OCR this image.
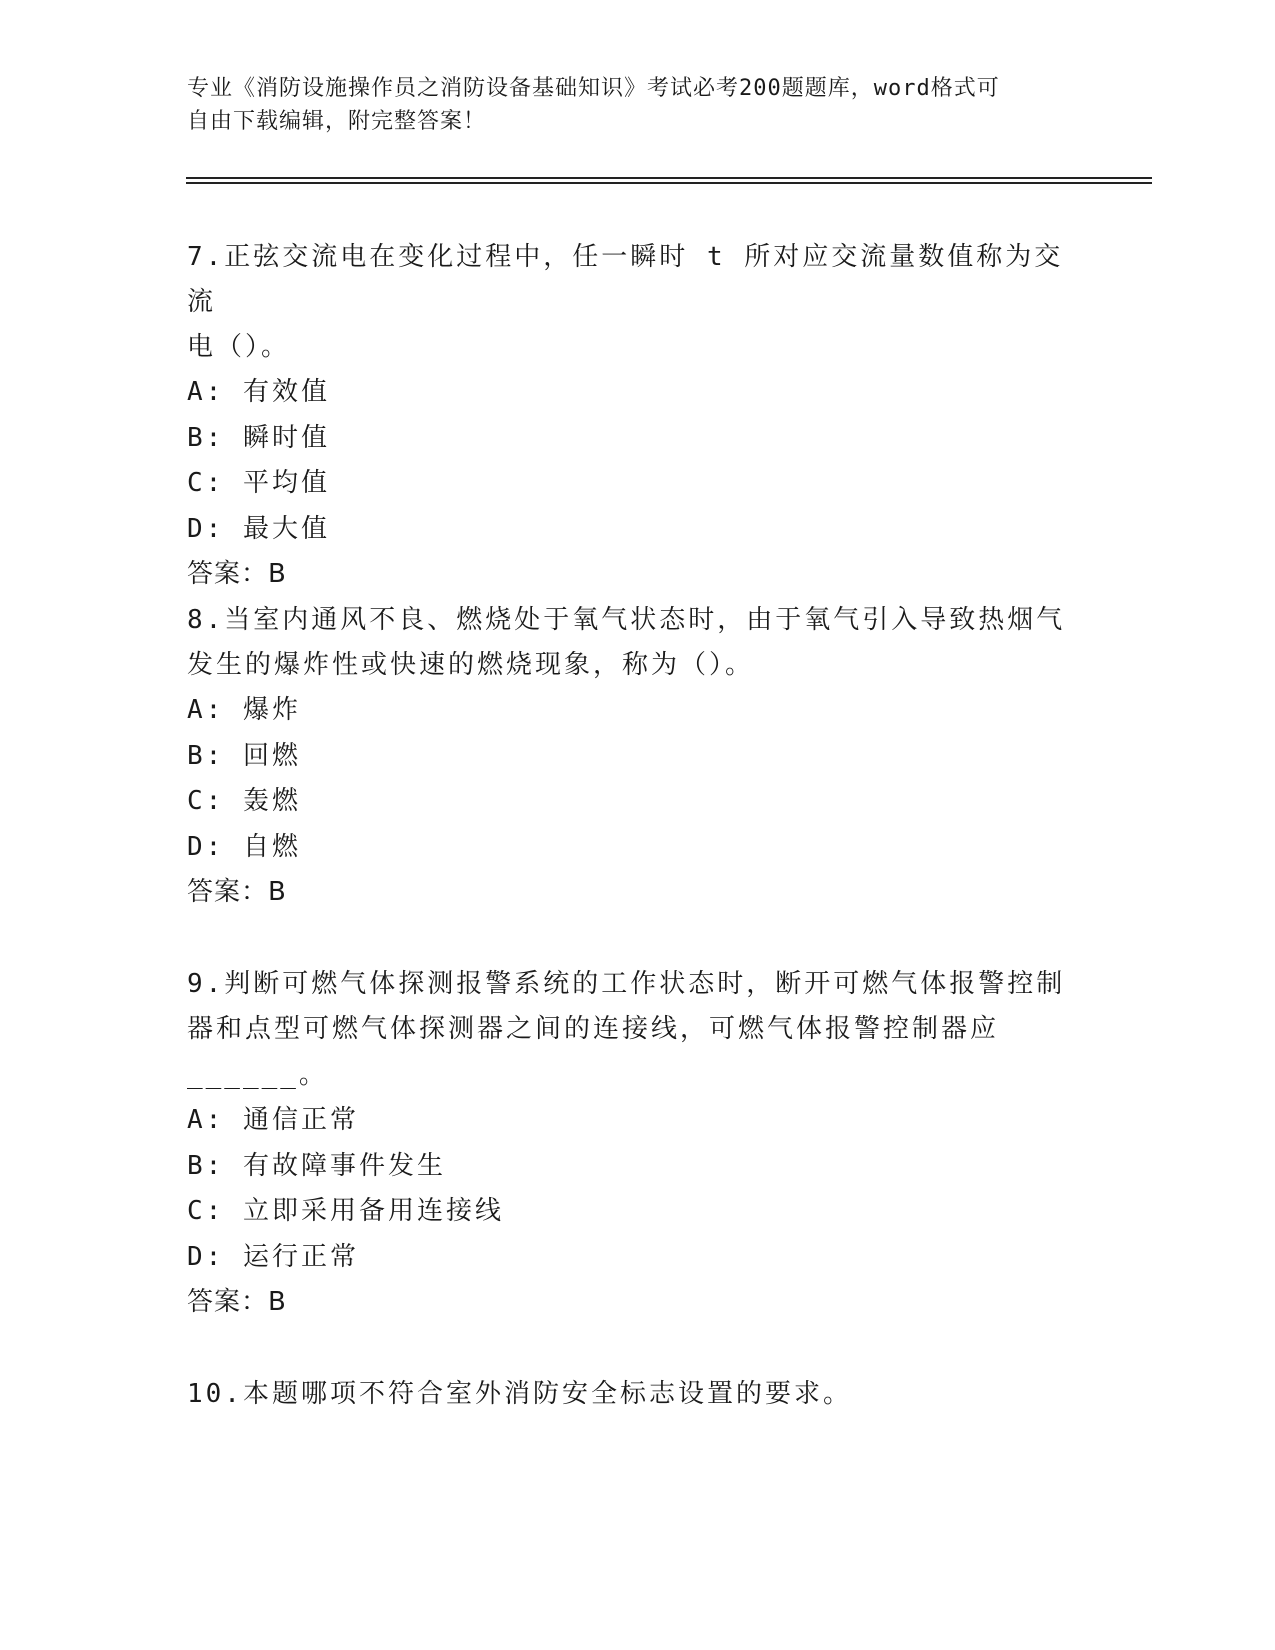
专业《消防设施操作员之消防设备基础知识》考试必考200题题库，word格式可
自由下载编辑，附完整答案！
7.正弦交流电在变化过程中，任一瞬时 t 所对应交流量数值称为交流
电（）。
A: 有效值
B: 瞬时值
C: 平均值
D: 最大值
答案：B
8.当室内通风不良、燃烧处于氧气状态时，由于氧气引入导致热烟气
发生的爆炸性或快速的燃烧现象，称为（）。
A: 爆炸
B: 回燃
C: 轰燃
D: 自燃
答案：B
9.判断可燃气体探测报警系统的工作状态时，断开可燃气体报警控制
器和点型可燃气体探测器之间的连接线，可燃气体报警控制器应
______。
A: 通信正常
B: 有故障事件发生
C: 立即采用备用连接线
D: 运行正常
答案：B
10.本题哪项不符合室外消防安全标志设置的要求。
